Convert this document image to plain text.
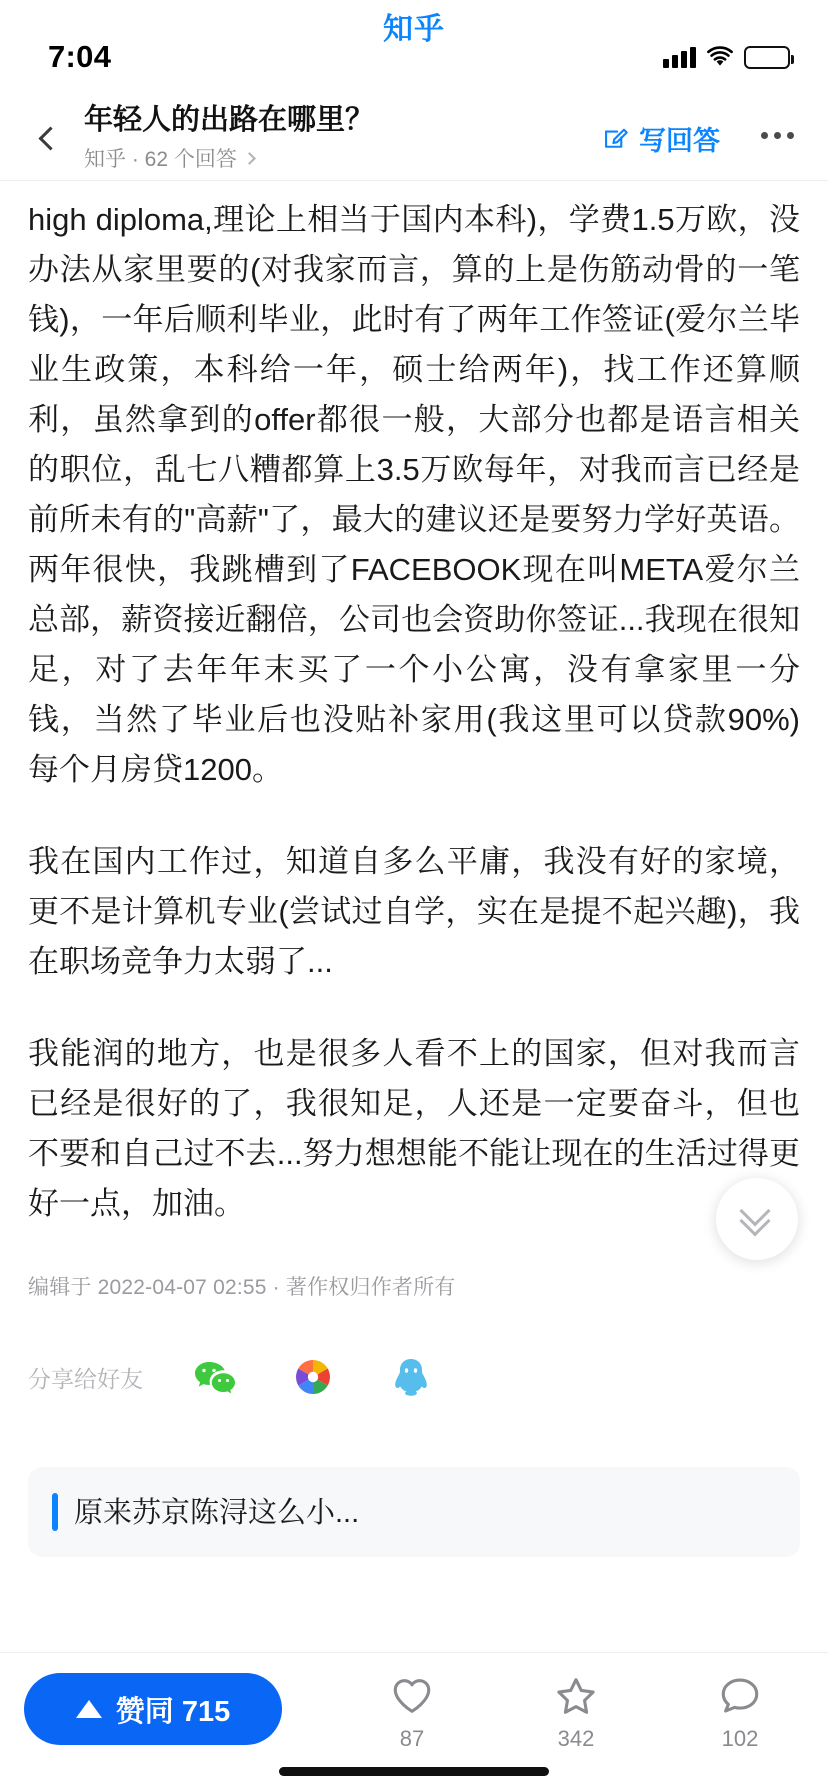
知乎
7:04	⚡
年轻人的出路在哪里？
知乎 · 62 个回答
写回答

high diploma,理论上相当于国内本科)，学费1.5万欧，没办法从家里要的(对我家而言，算的上是伤筋动骨的一笔钱)，一年后顺利毕业，此时有了两年工作签证(爱尔兰毕业生政策，本科给一年，硕士给两年)，找工作还算顺利，虽然拿到的offer都很一般，大部分也都是语言相关的职位，乱七八糟都算上3.5万欧每年，对我而言已经是前所未有的"高薪"了，最大的建议还是要努力学好英语。两年很快，我跳槽到了FACEBOOK现在叫META爱尔兰总部，薪资接近翻倍，公司也会资助你签证...我现在很知足，对了去年年末买了一个小公寓，没有拿家里一分钱，当然了毕业后也没贴补家用(我这里可以贷款90%) 每个月房贷1200。

我在国内工作过，知道自多么平庸，我没有好的家境，更不是计算机专业(尝试过自学，实在是提不起兴趣)，我在职场竞争力太弱了...

我能润的地方，也是很多人看不上的国家，但对我而言已经是很好的了，我很知足，人还是一定要奋斗，但也不要和自己过不去...努力想想能不能让现在的生活过得更好一点，加油。

编辑于 2022-04-07 02:55 · 著作权归作者所有
分享给好友
原来苏京陈浔这么小...
赞同 715
87	342	102
